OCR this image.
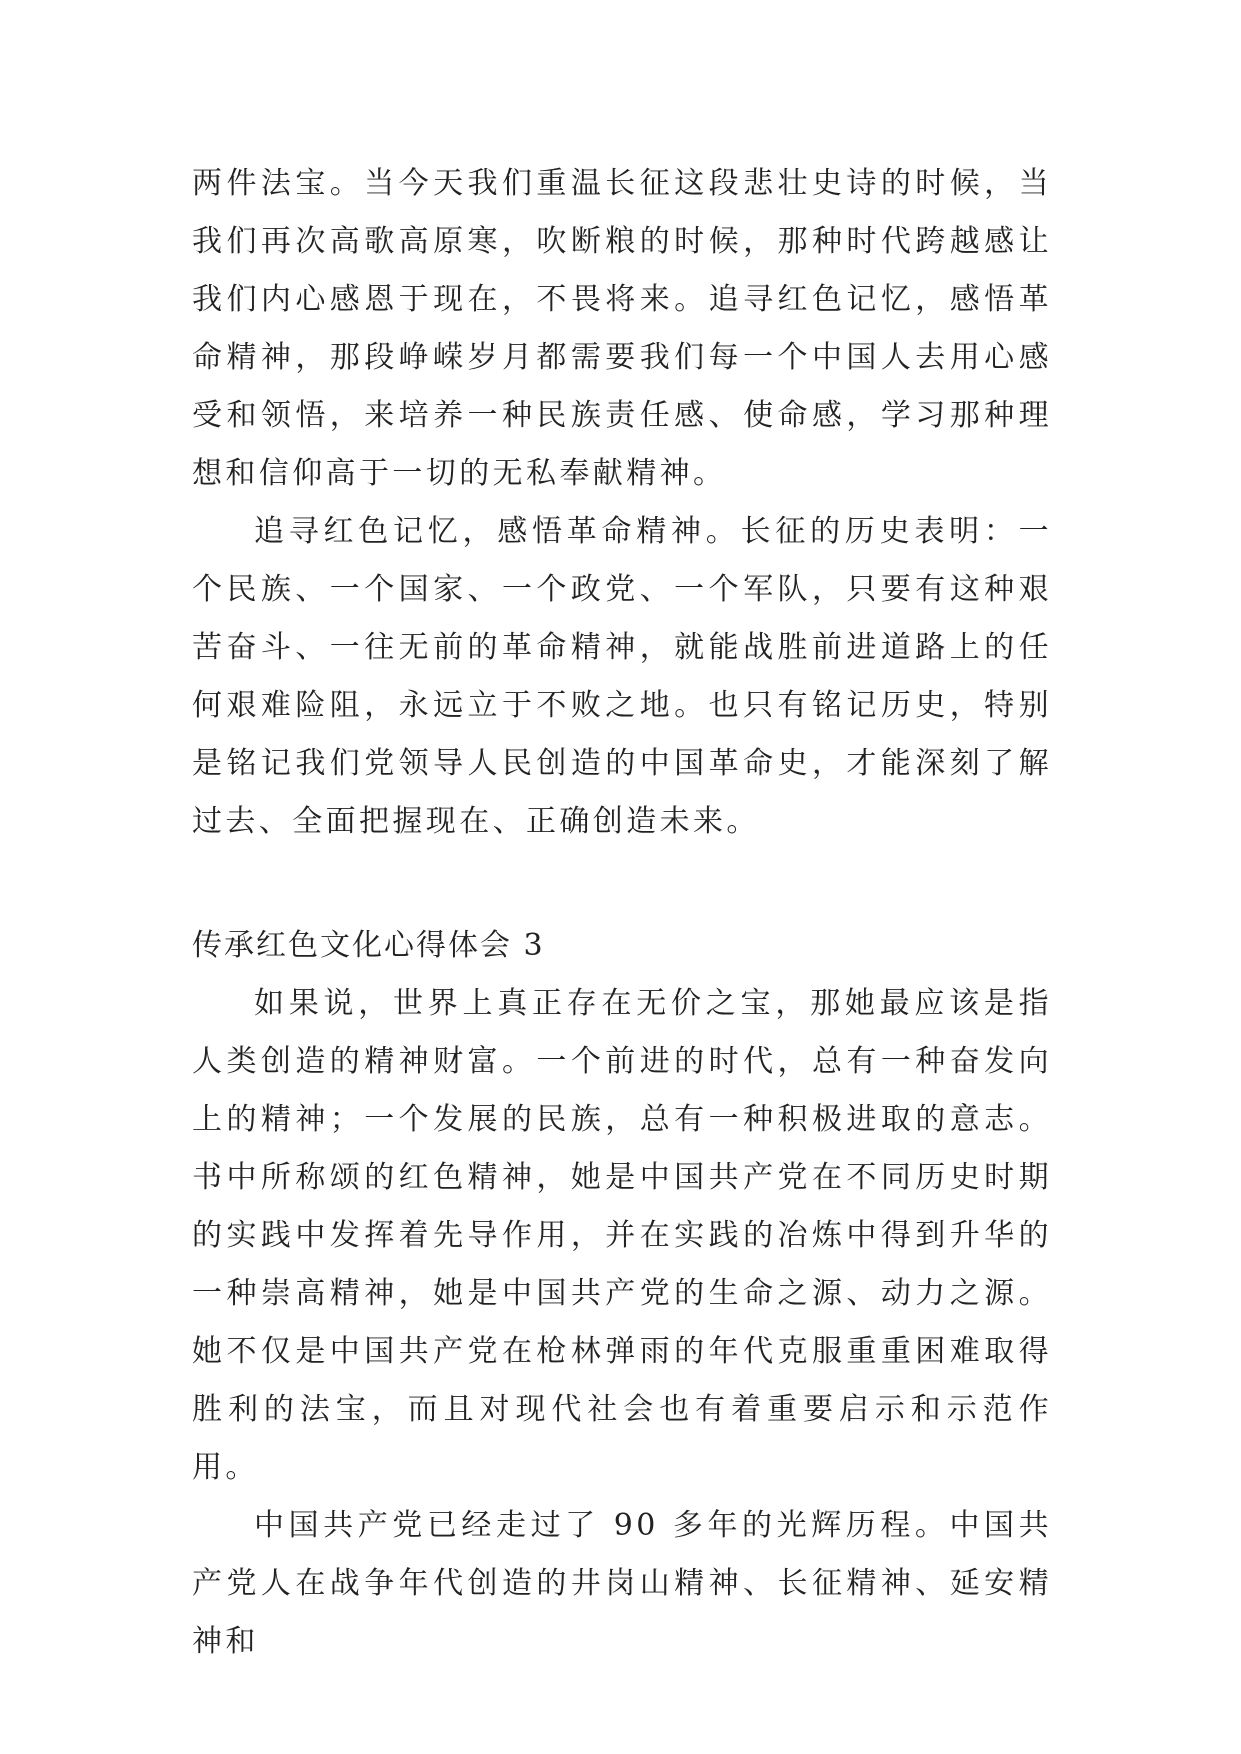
两件法宝。当今天我们重温长征这段悲壮史诗的时候，当我们再次高歌高原寒，吹断粮的时候，那种时代跨越感让我们内心感恩于现在，不畏将来。追寻红色记忆，感悟革命精神，那段峥嵘岁月都需要我们每一个中国人去用心感受和领悟，来培养一种民族责任感、使命感，学习那种理想和信仰高于一切的无私奉献精神。

追寻红色记忆，感悟革命精神。长征的历史表明：一个民族、一个国家、一个政党、一个军队，只要有这种艰苦奋斗、一往无前的革命精神，就能战胜前进道路上的任何艰难险阻，永远立于不败之地。也只有铭记历史，特别是铭记我们党领导人民创造的中国革命史，才能深刻了解过去、全面把握现在、正确创造未来。

传承红色文化心得体会 3

如果说，世界上真正存在无价之宝，那她最应该是指人类创造的精神财富。一个前进的时代，总有一种奋发向上的精神；一个发展的民族，总有一种积极进取的意志。书中所称颂的红色精神，她是中国共产党在不同历史时期的实践中发挥着先导作用，并在实践的冶炼中得到升华的一种崇高精神，她是中国共产党的生命之源、动力之源。她不仅是中国共产党在枪林弹雨的年代克服重重困难取得胜利的法宝，而且对现代社会也有着重要启示和示范作用。

中国共产党已经走过了 90 多年的光辉历程。中国共产党人在战争年代创造的井岗山精神、长征精神、延安精神和
